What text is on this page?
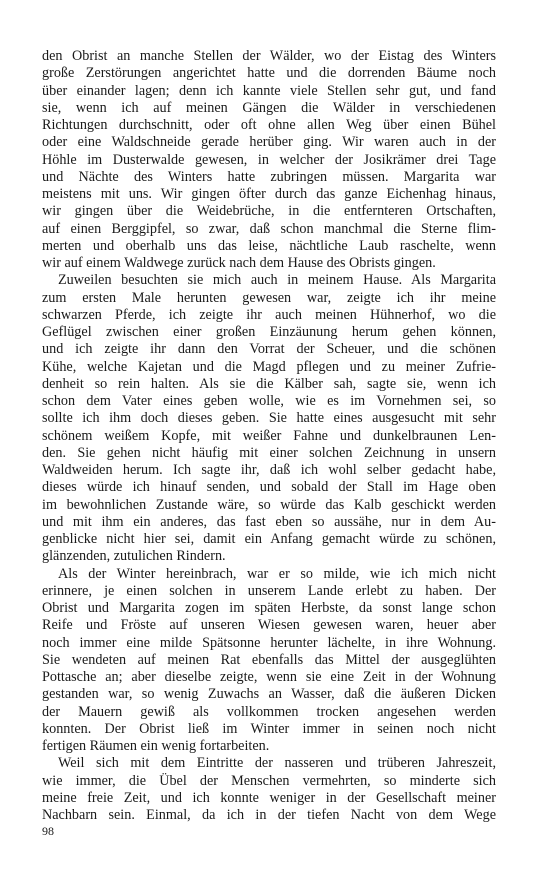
den Obrist an manche Stellen der Wälder, wo der Eistag des Winters
große Zerstörungen angerichtet hatte und die dorrenden Bäume noch
über einander lagen; denn ich kannte viele Stellen sehr gut, und fand
sie, wenn ich auf meinen Gängen die Wälder in verschiedenen
Richtungen durchschnitt, oder oft ohne allen Weg über einen Bühel
oder eine Waldschneide gerade herüber ging. Wir waren auch in der
Höhle im Dusterwalde gewesen, in welcher der Josikrämer drei Tage
und Nächte des Winters hatte zubringen müssen. Margarita war
meistens mit uns. Wir gingen öfter durch das ganze Eichenhag hinaus,
wir gingen über die Weidebrüche, in die entfernteren Ortschaften,
auf einen Berggipfel, so zwar, daß schon manchmal die Sterne flim-
merten und oberhalb uns das leise, nächtliche Laub raschelte, wenn
wir auf einem Waldwege zurück nach dem Hause des Obrists gingen.
Zuweilen besuchten sie mich auch in meinem Hause. Als Margarita
zum ersten Male herunten gewesen war, zeigte ich ihr meine
schwarzen Pferde, ich zeigte ihr auch meinen Hühnerhof, wo die
Geflügel zwischen einer großen Einzäunung herum gehen können,
und ich zeigte ihr dann den Vorrat der Scheuer, und die schönen
Kühe, welche Kajetan und die Magd pflegen und zu meiner Zufrie-
denheit so rein halten. Als sie die Kälber sah, sagte sie, wenn ich
schon dem Vater eines geben wolle, wie es im Vornehmen sei, so
sollte ich ihm doch dieses geben. Sie hatte eines ausgesucht mit sehr
schönem weißem Kopfe, mit weißer Fahne und dunkelbraunen Len-
den. Sie gehen nicht häufig mit einer solchen Zeichnung in unsern
Waldweiden herum. Ich sagte ihr, daß ich wohl selber gedacht habe,
dieses würde ich hinauf senden, und sobald der Stall im Hage oben
im bewohnlichen Zustande wäre, so würde das Kalb geschickt werden
und mit ihm ein anderes, das fast eben so aussähe, nur in dem Au-
genblicke nicht hier sei, damit ein Anfang gemacht würde zu schönen,
glänzenden, zutulichen Rindern.
Als der Winter hereinbrach, war er so milde, wie ich mich nicht
erinnere, je einen solchen in unserem Lande erlebt zu haben. Der
Obrist und Margarita zogen im späten Herbste, da sonst lange schon
Reife und Fröste auf unseren Wiesen gewesen waren, heuer aber
noch immer eine milde Spätsonne herunter lächelte, in ihre Wohnung.
Sie wendeten auf meinen Rat ebenfalls das Mittel der ausgeglühten
Pottasche an; aber dieselbe zeigte, wenn sie eine Zeit in der Wohnung
gestanden war, so wenig Zuwachs an Wasser, daß die äußeren Dicken
der Mauern gewiß als vollkommen trocken angesehen werden
konnten. Der Obrist ließ im Winter immer in seinen noch nicht
fertigen Räumen ein wenig fortarbeiten.
Weil sich mit dem Eintritte der nasseren und trüberen Jahreszeit,
wie immer, die Übel der Menschen vermehrten, so minderte sich
meine freie Zeit, und ich konnte weniger in der Gesellschaft meiner
Nachbarn sein. Einmal, da ich in der tiefen Nacht von dem Wege
98
